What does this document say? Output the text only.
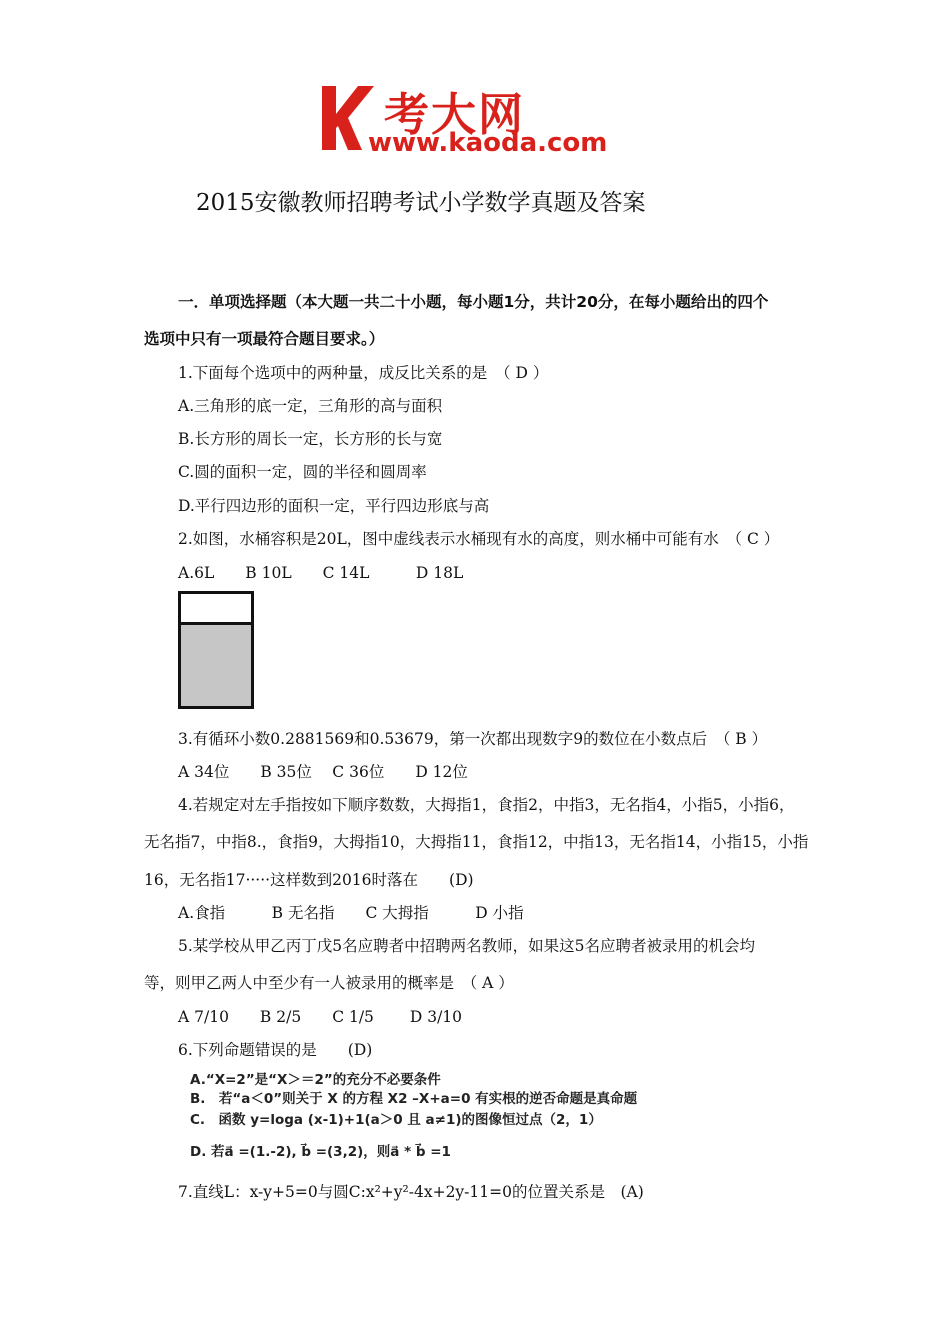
考大网
www.kaoda.com
2015安徽教师招聘考试小学数学真题及答案
一．单项选择题（本大题一共二十小题，每小题1分，共计20分，在每小题给出的四个
选项中只有一项最符合题目要求。）
1.下面每个选项中的两种量，成反比关系的是　（ D ）
A.三角形的底一定，三角形的高与面积
B.长方形的周长一定，长方形的长与宽
C.圆的面积一定，圆的半径和圆周率
D.平行四边形的面积一定，平行四边形底与高
2.如图，水桶容积是20L，图中虚线表示水桶现有水的高度，则水桶中可能有水　（ C ）
A.6L　　B 10L　　C 14L　　　D 18L
3.有循环小数0.2881569和0.53679，第一次都出现数字9的数位在小数点后　（ B ）
A 34位　　B 35位　 C 36位　　D 12位
4.若规定对左手指按如下顺序数数，大拇指1，食指2，中指3，无名指4，小指5，小指6，
无名指7，中指8.，食指9，大拇指10，大拇指11，食指12，中指13，无名指14，小指15，小指
16，无名指17·····这样数到2016时落在　　(D)
A.食指　　　B 无名指　　C 大拇指　　　D 小指
5.某学校从甲乙丙丁戊5名应聘者中招聘两名教师，如果这5名应聘者被录用的机会均
等，则甲乙两人中至少有一人被录用的概率是　（ A ）
A 7/10　　B 2/5　　C 1/5　　 D 3/10
6.下列命题错误的是　　(D)
A.“X=2”是“X＞＝2”的充分不必要条件
B.　若“a＜0”则关于 X 的方程 X2 –X+a=0 有实根的逆否命题是真命题
C.　函数 y=loga (x-1)+1(a＞0 且 a≠1)的图像恒过点（2，1）
D. 若a⃗ =(1.-2), b⃗ =(3,2)，则a⃗ * b⃗ =1
7.直线L：x-y+5=0与圆C:x²+y²-4x+2y-11=0的位置关系是　(A)
